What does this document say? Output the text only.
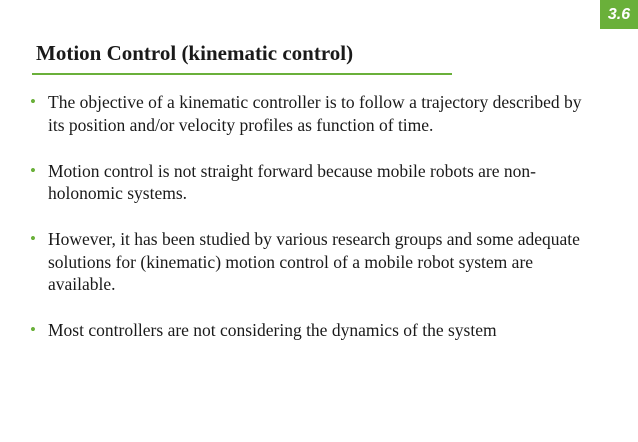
3.6
Motion Control (kinematic control)
• The objective of a kinematic controller is to follow a trajectory described by its position and/or velocity profiles as function of time.
• Motion control is not straight forward because mobile robots are non-holonomic systems.
• However, it has been studied by various research groups and some adequate solutions for (kinematic) motion control of a mobile robot system are available.
• Most controllers are not considering the dynamics of the system
